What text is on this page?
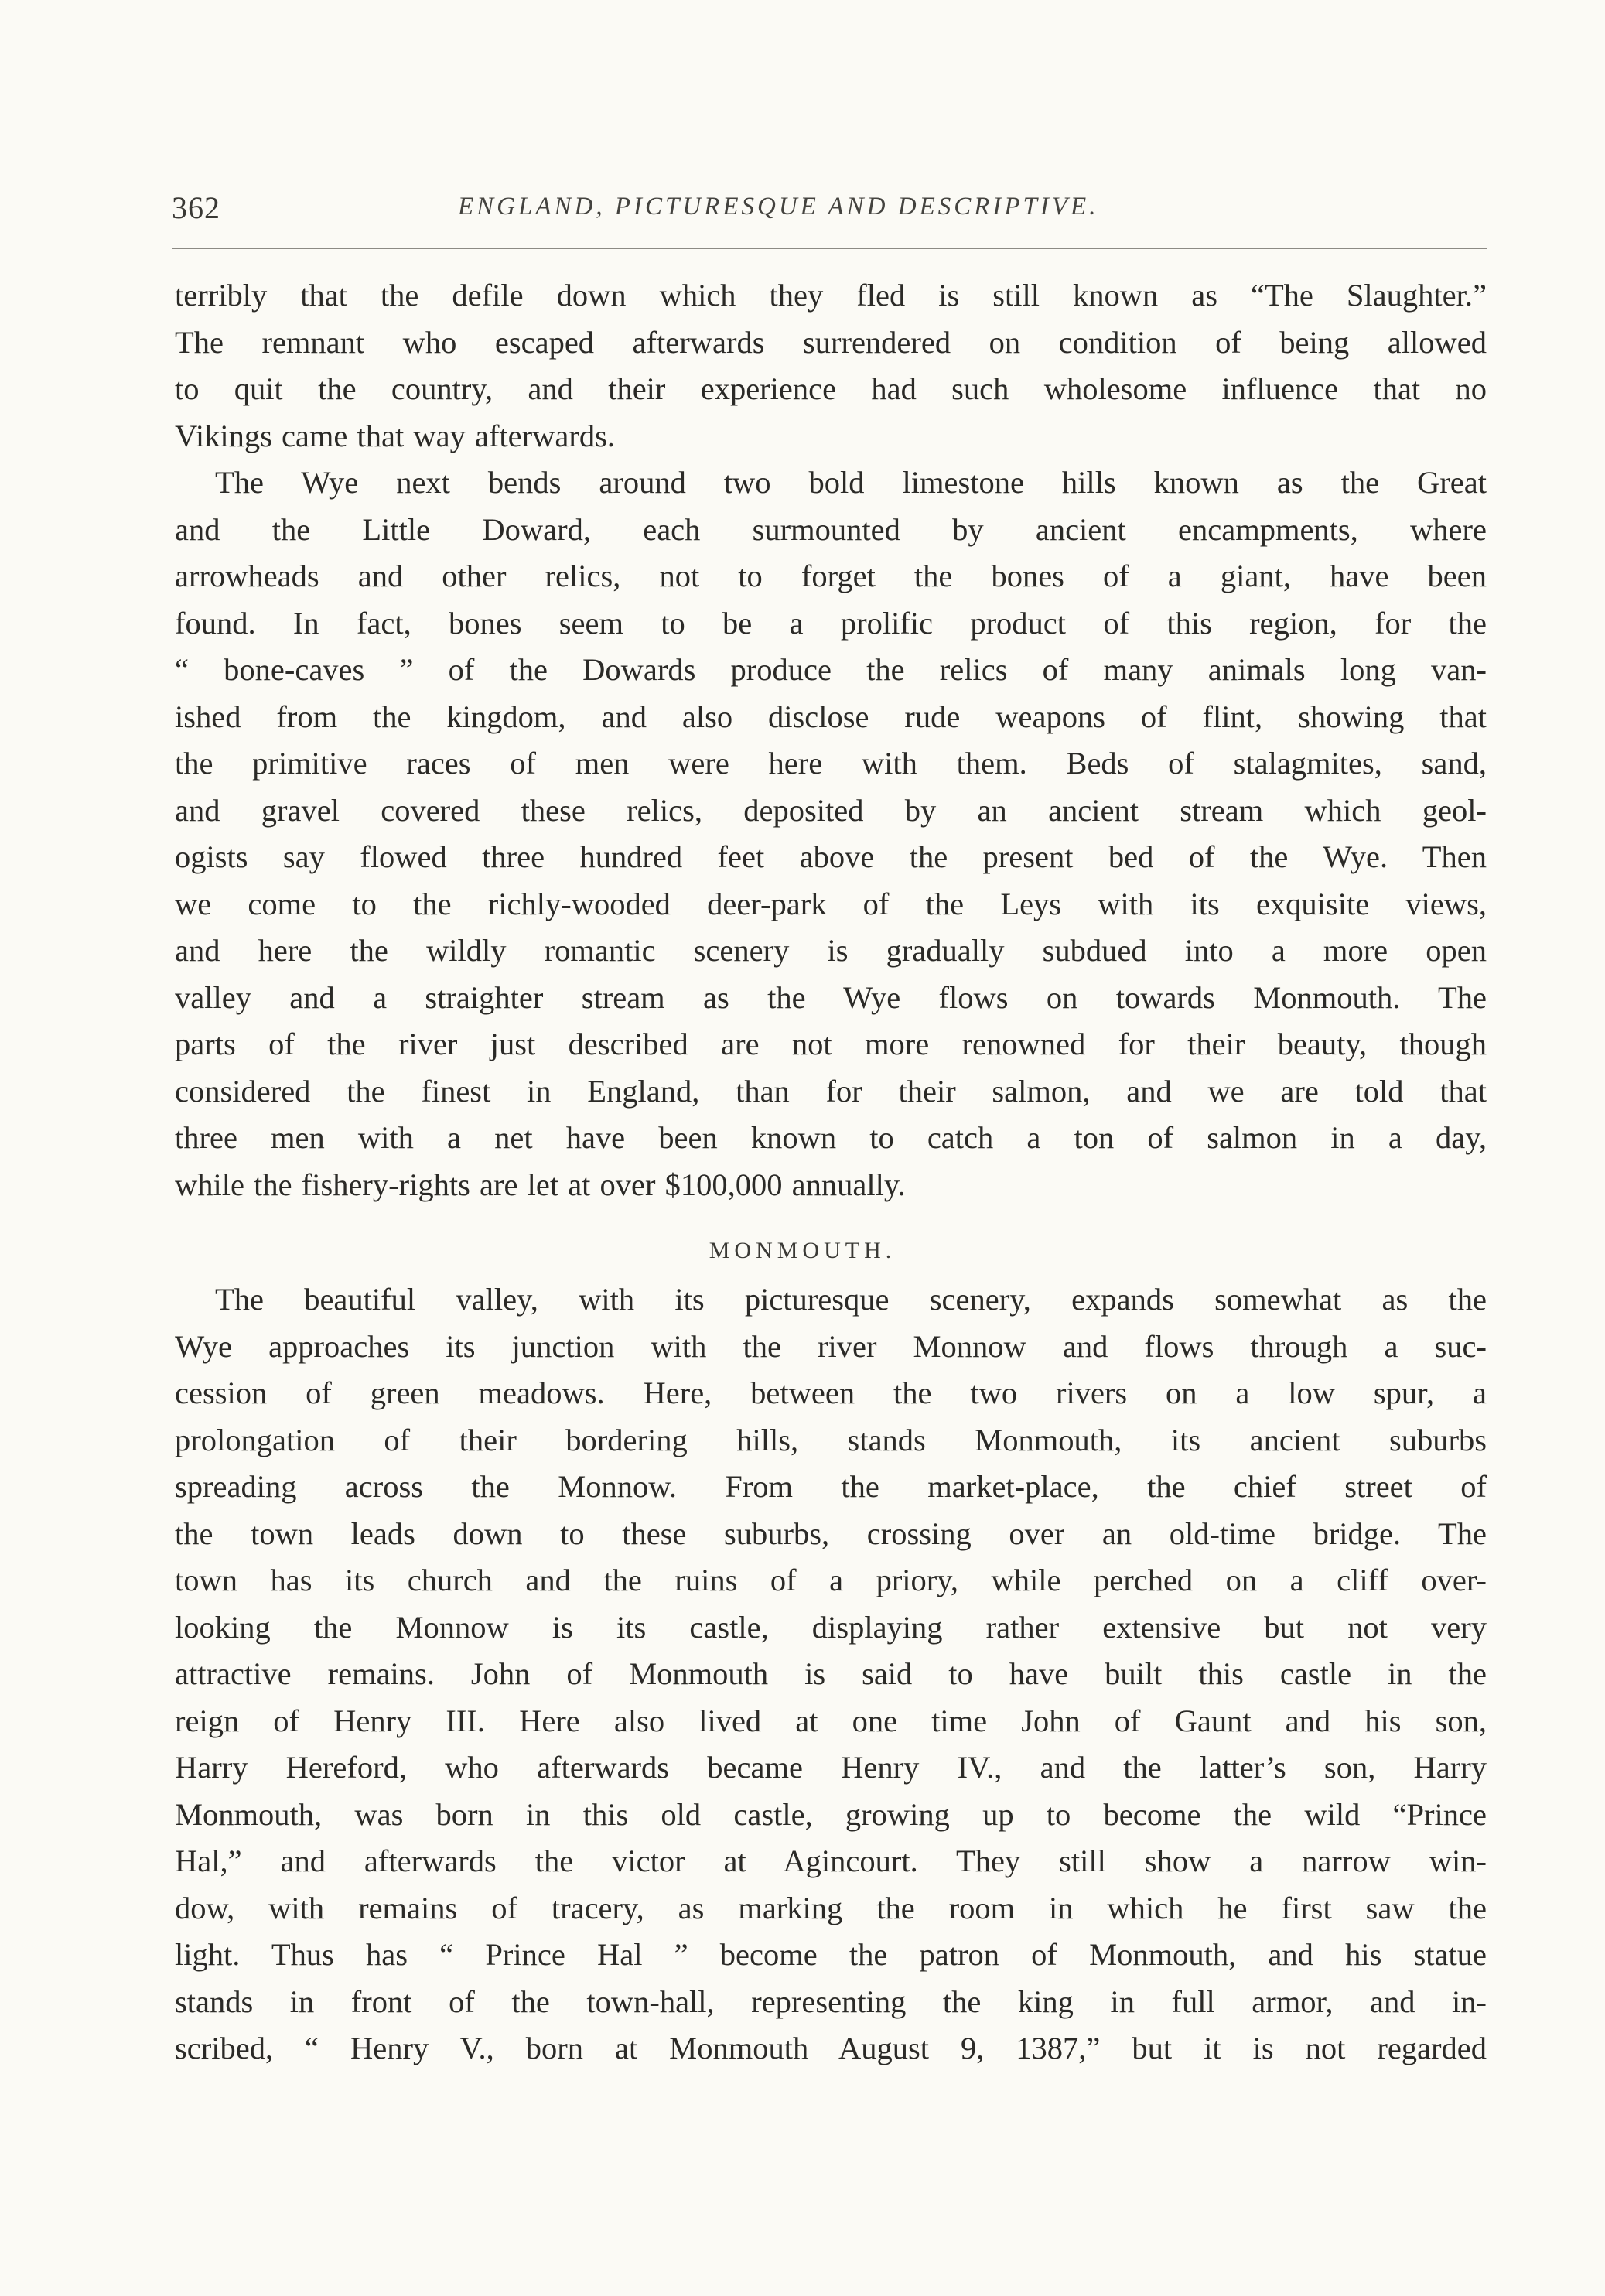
362	ENGLAND, PICTURESQUE AND DESCRIPTIVE.

terribly that the defile down which they fled is still known as “The Slaughter.”

The remnant who escaped afterwards surrendered on condition of being allowed

to quit the country, and their experience had such wholesome influence that no

Vikings came that way afterwards.

The Wye next bends around two bold limestone hills known as the Great

and the Little Doward, each surmounted by ancient encampments, where

arrowheads and other relics, not to forget the bones of a giant, have been

found. In fact, bones seem to be a prolific product of this region, for the

“ bone-caves ” of the Dowards produce the relics of many animals long van-

ished from the kingdom, and also disclose rude weapons of flint, showing that

the primitive races of men were here with them. Beds of stalagmites, sand,

and gravel covered these relics, deposited by an ancient stream which geol-

ogists say flowed three hundred feet above the present bed of the Wye. Then

we come to the richly-wooded deer-park of the Leys with its exquisite views,

and here the wildly romantic scenery is gradually subdued into a more open

valley and a straighter stream as the Wye flows on towards Monmouth. The

parts of the river just described are not more renowned for their beauty, though

considered the finest in England, than for their salmon, and we are told that

three men with a net have been known to catch a ton of salmon in a day,

while the fishery-rights are let at over $100,000 annually.

MONMOUTH.

The beautiful valley, with its picturesque scenery, expands somewhat as the

Wye approaches its junction with the river Monnow and flows through a suc-

cession of green meadows. Here, between the two rivers on a low spur, a

prolongation of their bordering hills, stands Monmouth, its ancient suburbs

spreading across the Monnow. From the market-place, the chief street of

the town leads down to these suburbs, crossing over an old-time bridge. The

town has its church and the ruins of a priory, while perched on a cliff over-

looking the Monnow is its castle, displaying rather extensive but not very

attractive remains. John of Monmouth is said to have built this castle in the

reign of Henry III. Here also lived at one time John of Gaunt and his son,

Harry Hereford, who afterwards became Henry IV., and the latter’s son, Harry

Monmouth, was born in this old castle, growing up to become the wild “Prince

Hal,” and afterwards the victor at Agincourt. They still show a narrow win-

dow, with remains of tracery, as marking the room in which he first saw the

light. Thus has “ Prince Hal ” become the patron of Monmouth, and his statue

stands in front of the town-hall, representing the king in full armor, and in-

scribed, “ Henry V., born at Monmouth August 9, 1387,” but it is not regarded
